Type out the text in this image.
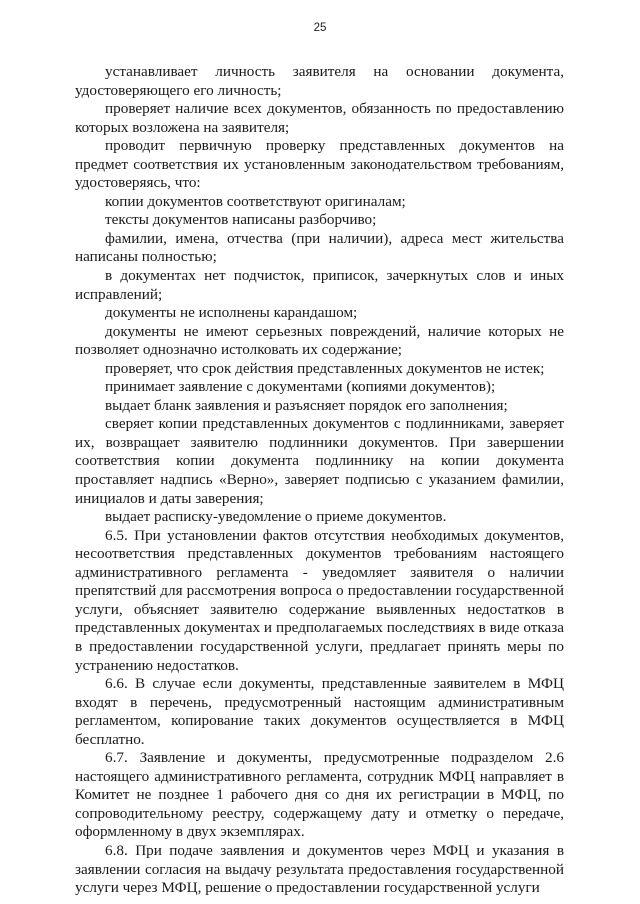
25

устанавливает личность заявителя на основании документа, удостоверяющего его личность;

проверяет наличие всех документов, обязанность по предоставлению которых возложена на заявителя;

проводит первичную проверку представленных документов на предмет соответствия их установленным законодательством требованиям, удостоверяясь, что:

копии документов соответствуют оригиналам;

тексты документов написаны разборчиво;

фамилии, имена, отчества (при наличии), адреса мест жительства написаны полностью;

в документах нет подчисток, приписок, зачеркнутых слов и иных исправлений;

документы не исполнены карандашом;

документы не имеют серьезных повреждений, наличие которых не позволяет однозначно истолковать их содержание;

проверяет, что срок действия представленных документов не истек;

принимает заявление с документами (копиями документов);

выдает бланк заявления и разъясняет порядок его заполнения;

сверяет копии представленных документов с подлинниками, заверяет их, возвращает заявителю подлинники документов. При завершении соответствия копии документа подлиннику на копии документа проставляет надпись «Верно», заверяет подписью с указанием фамилии, инициалов и даты заверения;

выдает расписку-уведомление о приеме документов.

6.5. При установлении фактов отсутствия необходимых документов, несоответствия представленных документов требованиям настоящего административного регламента - уведомляет заявителя о наличии препятствий для рассмотрения вопроса о предоставлении государственной услуги, объясняет заявителю содержание выявленных недостатков в представленных документах и предполагаемых последствиях в виде отказа в предоставлении государственной услуги, предлагает принять меры по устранению недостатков.

6.6. В случае если документы, представленные заявителем в МФЦ входят в перечень, предусмотренный настоящим административным регламентом, копирование таких документов осуществляется в МФЦ бесплатно.

6.7. Заявление и документы, предусмотренные подразделом 2.6 настоящего административного регламента, сотрудник МФЦ направляет в Комитет не позднее 1 рабочего дня со дня их регистрации в МФЦ, по сопроводительному реестру, содержащему дату и отметку о передаче, оформленному в двух экземплярах.

6.8. При подаче заявления и документов через МФЦ и указания в заявлении согласия на выдачу результата предоставления государственной услуги через МФЦ, решение о предоставлении государственной услуги
